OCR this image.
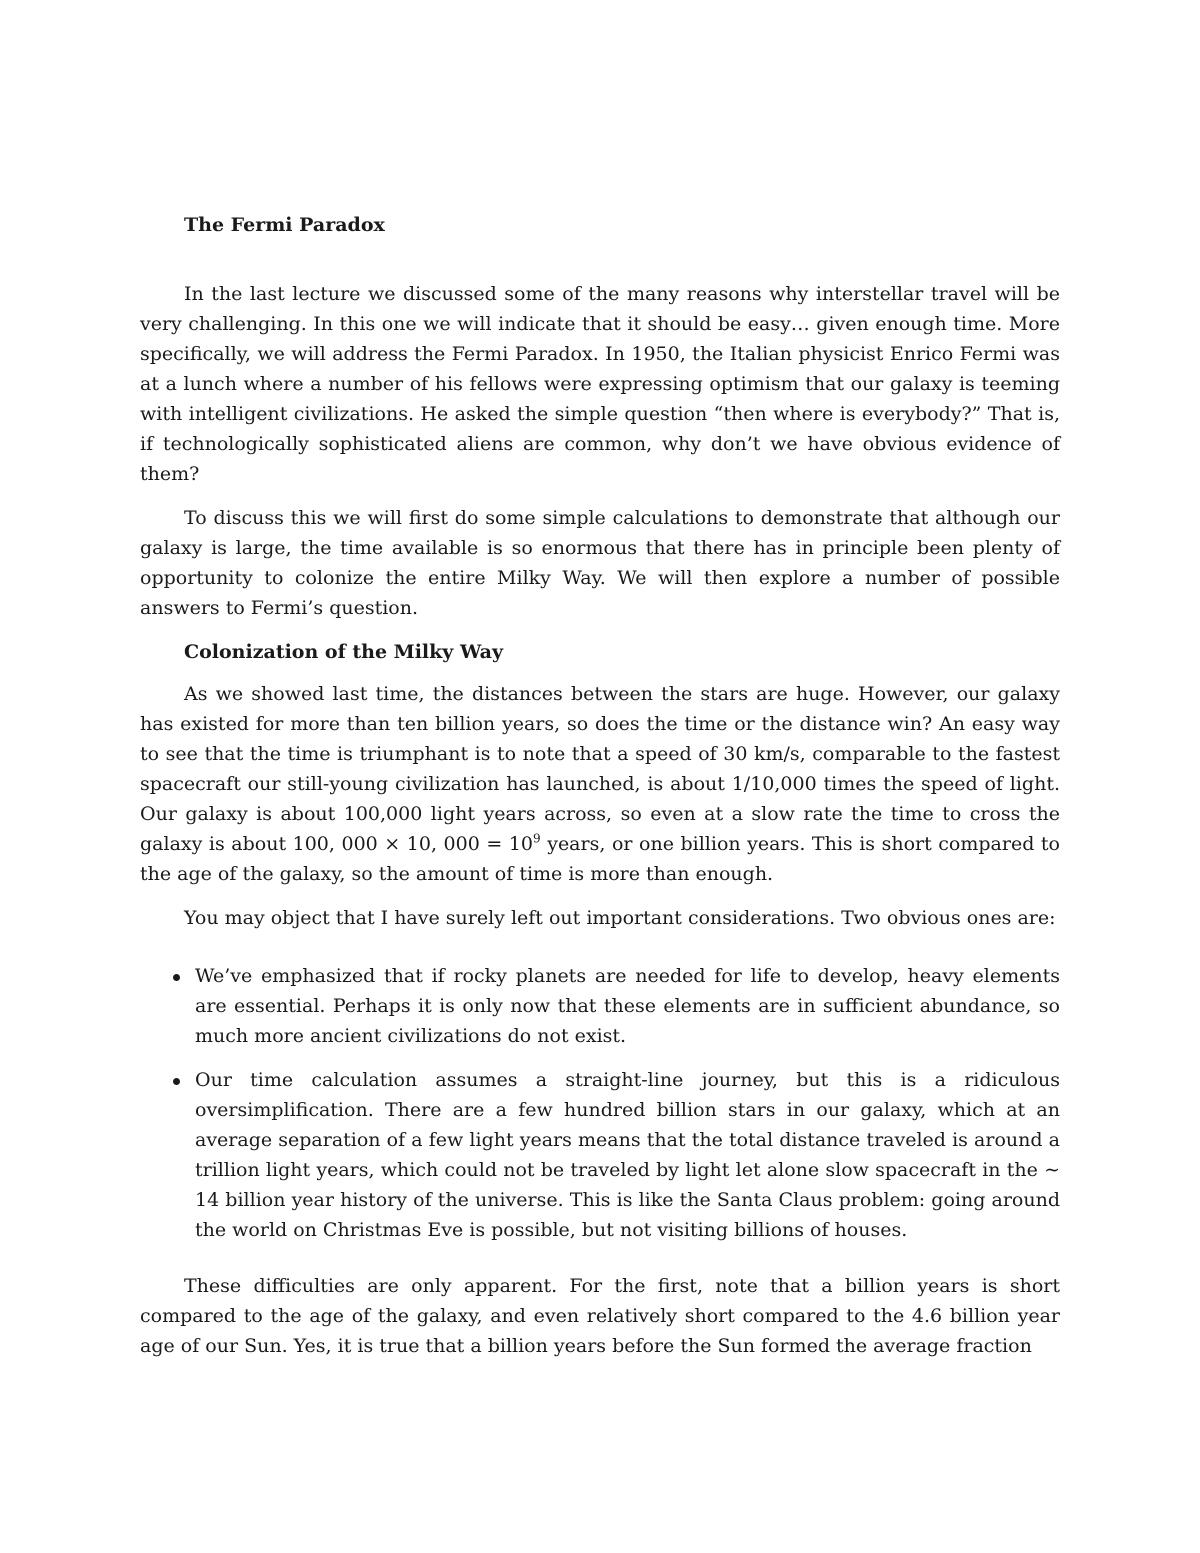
The Fermi Paradox

In the last lecture we discussed some of the many reasons why interstellar travel will be very challenging. In this one we will indicate that it should be easy… given enough time. More specifically, we will address the Fermi Paradox. In 1950, the Italian physicist Enrico Fermi was at a lunch where a number of his fellows were expressing optimism that our galaxy is teeming with intelligent civilizations. He asked the simple question “then where is everybody?” That is, if technologically sophisticated aliens are common, why don’t we have obvious evidence of them?

To discuss this we will first do some simple calculations to demonstrate that although our galaxy is large, the time available is so enormous that there has in principle been plenty of opportunity to colonize the entire Milky Way. We will then explore a number of possible answers to Fermi’s question.

Colonization of the Milky Way

As we showed last time, the distances between the stars are huge. However, our galaxy has existed for more than ten billion years, so does the time or the distance win? An easy way to see that the time is triumphant is to note that a speed of 30 km/s, comparable to the fastest spacecraft our still-young civilization has launched, is about 1/10,000 times the speed of light. Our galaxy is about 100,000 light years across, so even at a slow rate the time to cross the galaxy is about 100, 000 × 10, $000 = 10^9$ years, or one billion years. This is short compared to the age of the galaxy, so the amount of time is more than enough.

You may object that I have surely left out important considerations. Two obvious ones are:

We’ve emphasized that if rocky planets are needed for life to develop, heavy elements are essential. Perhaps it is only now that these elements are in sufficient abundance, so much more ancient civilizations do not exist.
Our time calculation assumes a straight-line journey, but this is a ridiculous oversimplification. There are a few hundred billion stars in our galaxy, which at an average separation of a few light years means that the total distance traveled is around a trillion light years, which could not be traveled by light let alone slow spacecraft in the ∼ 14 billion year history of the universe. This is like the Santa Claus problem: going around the world on Christmas Eve is possible, but not visiting billions of houses.

These difficulties are only apparent. For the first, note that a billion years is short compared to the age of the galaxy, and even relatively short compared to the 4.6 billion year age of our Sun. Yes, it is true that a billion years before the Sun formed the average fraction
